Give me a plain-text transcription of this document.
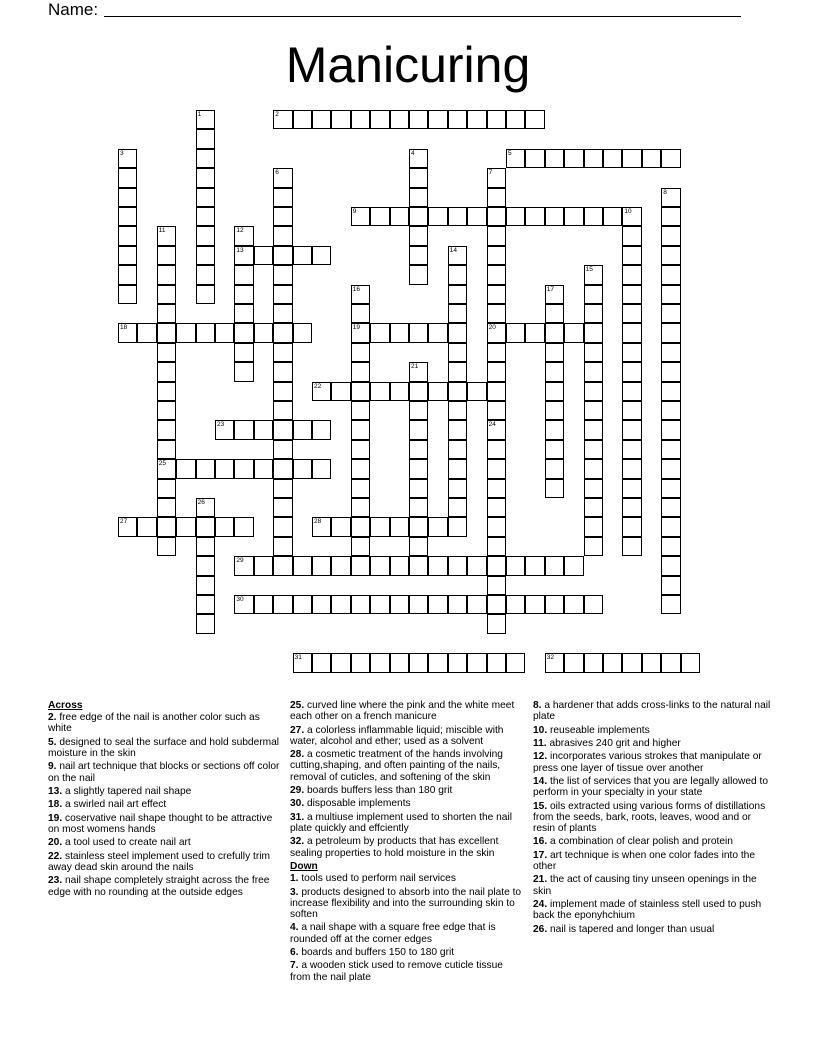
Name:
Manicuring
1	2
3	4	5
6	7
20
8
9	10
11
25
12
13	14
15
16
19
17
18
21
22
23	24
26
27	28
29
30
31	32
Across
2. free edge of the nail is another color such as white
5. designed to seal the surface and hold subdermal moisture in the skin
9. nail art technique that blocks or sections off color on the nail
13. a slightly tapered nail shape
18. a swirled nail art effect
19. coservative nail shape thought to be attractive on most womens hands
20. a tool used to create nail art
22. stainless steel implement used to crefully trim away dead skin around the nails
23. nail shape completely straight across the free edge with no rounding at the outside edges
25. curved line where the pink and the white meet each other on a french manicure
27. a colorless inflammable liquid; miscible with water, alcohol and ether; used as a solvent
28. a cosmetic treatment of the hands involving cutting,shaping, and often painting of the nails, removal of cuticles, and softening of the skin
29. boards buffers less than 180 grit
30. disposable implements
31. a multiuse implement used to shorten the nail plate quickly and effciently
32. a petroleum by products that has excellent sealing properties to hold moisture in the skin
Down
1. tools used to perform nail services
3. products designed to absorb into the nail plate to increase flexibility and into the surrounding skin to soften
4. a nail shape with a square free edge that is rounded off at the corner edges
6. boards and buffers 150 to 180 grit
7. a wooden stick used to remove cuticle tissue from the nail plate
8. a hardener that adds cross-links to the natural nail plate
10. reuseable implements
11. abrasives 240 grit and higher
12. incorporates various strokes that manipulate or press one layer of tissue over another
14. the list of services that you are legally allowed to perform in your specialty in your state
15. oils extracted using various forms of distillations from the seeds, bark, roots, leaves, wood and or resin of plants
16. a combination of clear polish and protein
17. art technique is when one color fades into the other
21. the act of causing tiny unseen openings in the skin
24. implement made of stainless stell used to push back the eponyhchium
26. nail is tapered and longer than usual
